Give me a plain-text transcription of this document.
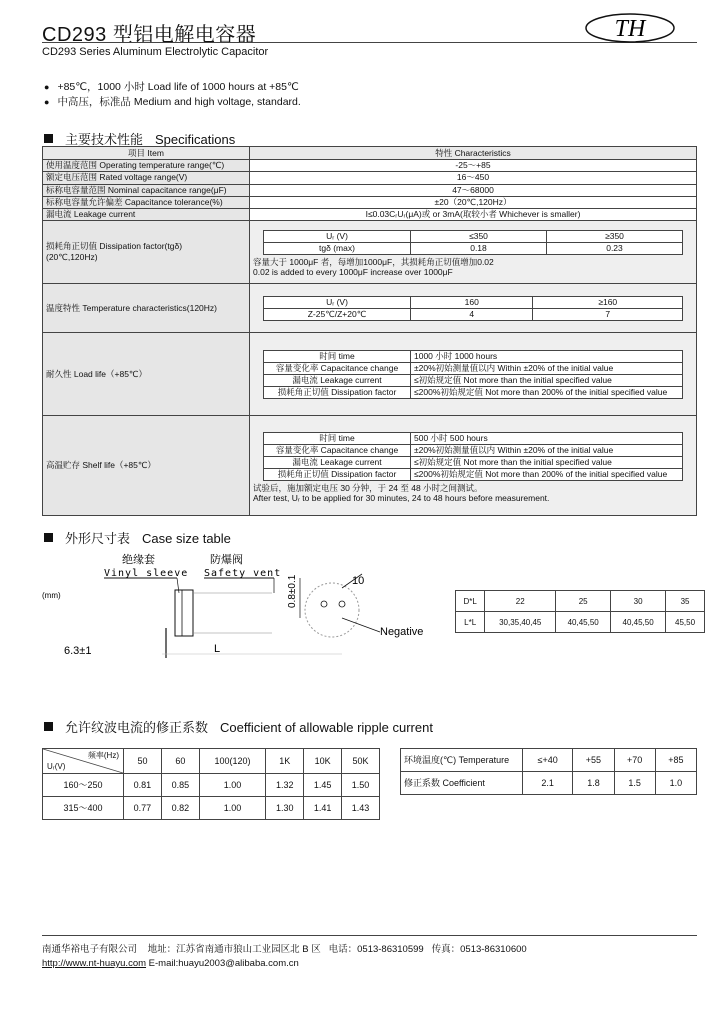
CD293 型铝电解电容器
CD293 Series Aluminum Electrolytic Capacitor
TH
● +85℃，1000 小时 Load life of 1000 hours at +85℃
● 中高压，标准品 Medium and high voltage, standard.
主要技术性能 Specifications
项目 Item	特性 Characteristics
使用温度范围 Operating temperature range(℃)	-25～+85
额定电压范围 Rated voltage range(V)	16～450
标称电容量范围 Nominal capacitance range(μF)	47～68000
标称电容量允许偏差 Capacitance tolerance(%)	±20（20℃,120Hz）
漏电流 Leakage current	I≤0.03CᵣUᵣ(μA)或 or 3mA(取较小者 Whichever is smaller)
损耗角正切值 Dissipation factor(tgδ)
(20℃,120Hz)	
Uᵣ (V)	≤350	≥350
tgδ (max)	0.18	0.23
容量大于 1000μF 者，每增加1000μF，其损耗角正切值增加0.02
0.02 is added to every 1000μF increase over 1000μF

温度特性 Temperature characteristics(120Hz)	
Uᵣ (V)	160	≥160
Z-25℃/Z+20℃	4	7

耐久性 Load life（+85℃）	
时间 time	1000 小时 1000 hours
容量变化率 Capacitance change	±20%初始测量值以内 Within ±20% of the initial value
漏电流 Leakage current	≤初始规定值 Not more than the initial specified value
损耗角正切值 Dissipation factor	≤200%初始规定值 Not more than 200% of the initial specified value

高温贮存 Shelf life（+85℃）	
时间 time	500 小时 500 hours
容量变化率 Capacitance change	±20%初始测量值以内 Within ±20% of the initial value
漏电流 Leakage current	≤初始规定值 Not more than the initial specified value
损耗角正切值 Dissipation factor	≤200%初始规定值 Not more than 200% of the initial specified value
试验后，施加额定电压 30 分钟，于 24 至 48 小时之间测试。
After test, Uᵣ to be applied for 30 minutes, 24 to 48 hours before measurement.
外形尺寸表 Case size table
绝缘套
Vinyl sleeve
防爆阀
Safety vent
(mm)
6.3±1	L
0.8±0.1	10
Negative
D*L	22	25	30	35
L*L	30,35,40,45	40,45,50	40,45,50	45,50
允许纹波电流的修正系数 Coefficient of allowable ripple current
频率(Hz)
Uᵣ(V)	50	60	100(120)	1K	10K	50K
160～250	0.81	0.85	1.00	1.32	1.45	1.50
315～400	0.77	0.82	1.00	1.30	1.41	1.43
环境温度(℃) Temperature	≤+40	+55	+70	+85
修正系数 Coefficient	2.1	1.8	1.5	1.0
南通华裕电子有限公司 地址：江苏省南通市狼山工业园区北 B 区 电话：0513-86310599 传真：0513-86310600
http://www.nt-huayu.com E-mail:huayu2003@alibaba.com.cn
